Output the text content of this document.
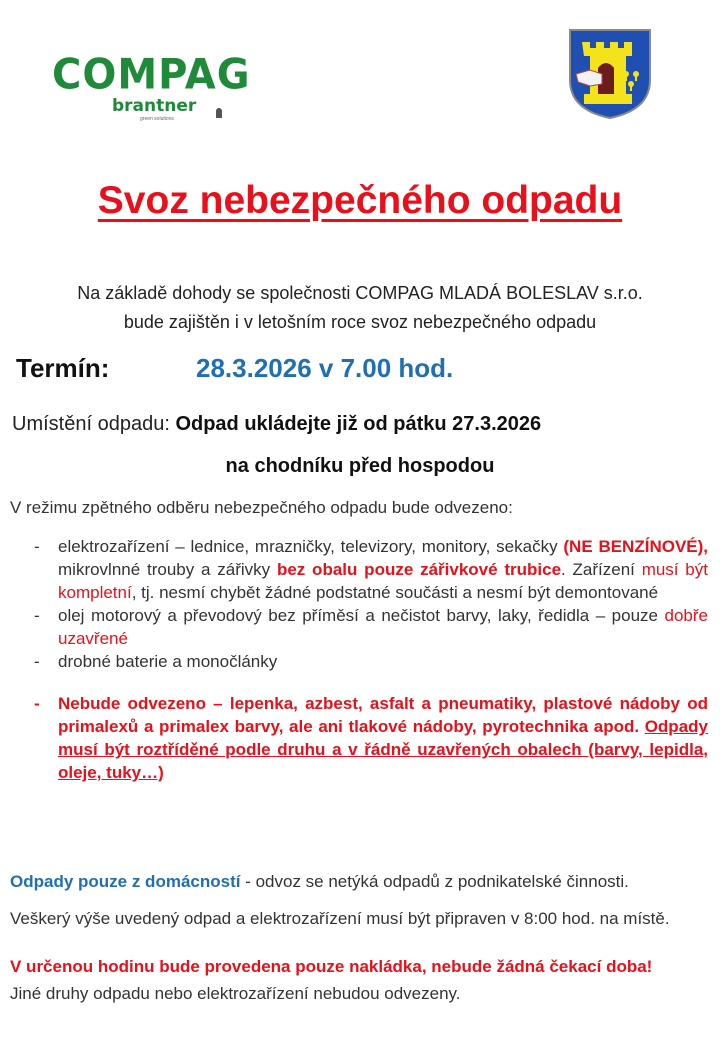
COMPAG
brantner
green solutions
Svoz nebezpečného odpadu
Na základě dohody se společnosti COMPAG MLADÁ BOLESLAV s.r.o.
bude zajištěn i v letošním roce svoz nebezpečného odpadu
Termín:	28.3.2026 v 7.00 hod.
Umístění odpadu: Odpad ukládejte již od pátku 27.3.2026
na chodníku před hospodou
V režimu zpětného odběru nebezpečného odpadu bude odvezeno:
- elektrozařízení – lednice, mrazničky, televizory, monitory, sekačky (NE BENZÍNOVÉ), mikrovlnné trouby a zářivky bez obalu pouze zářivkové trubice. Zařízení musí být kompletní, tj. nesmí chybět žádné podstatné součásti a nesmí být demontované
- olej motorový a převodový bez příměsí a nečistot barvy, laky, ředidla – pouze dobře uzavřené
- drobné baterie a monočlánky
- Nebude odvezeno – lepenka, azbest, asfalt a pneumatiky, plastové nádoby od primalexů a primalex barvy, ale ani tlakové nádoby, pyrotechnika apod. Odpady musí být roztříděné podle druhu a v řádně uzavřených obalech (barvy, lepidla, oleje, tuky…)
Odpady pouze z domácností - odvoz se netýká odpadů z podnikatelské činnosti.
Veškerý výše uvedený odpad a elektrozařízení musí být připraven v 8:00 hod. na místě.
V určenou hodinu bude provedena pouze nakládka, nebude žádná čekací doba!
Jiné druhy odpadu nebo elektrozařízení nebudou odvezeny.
